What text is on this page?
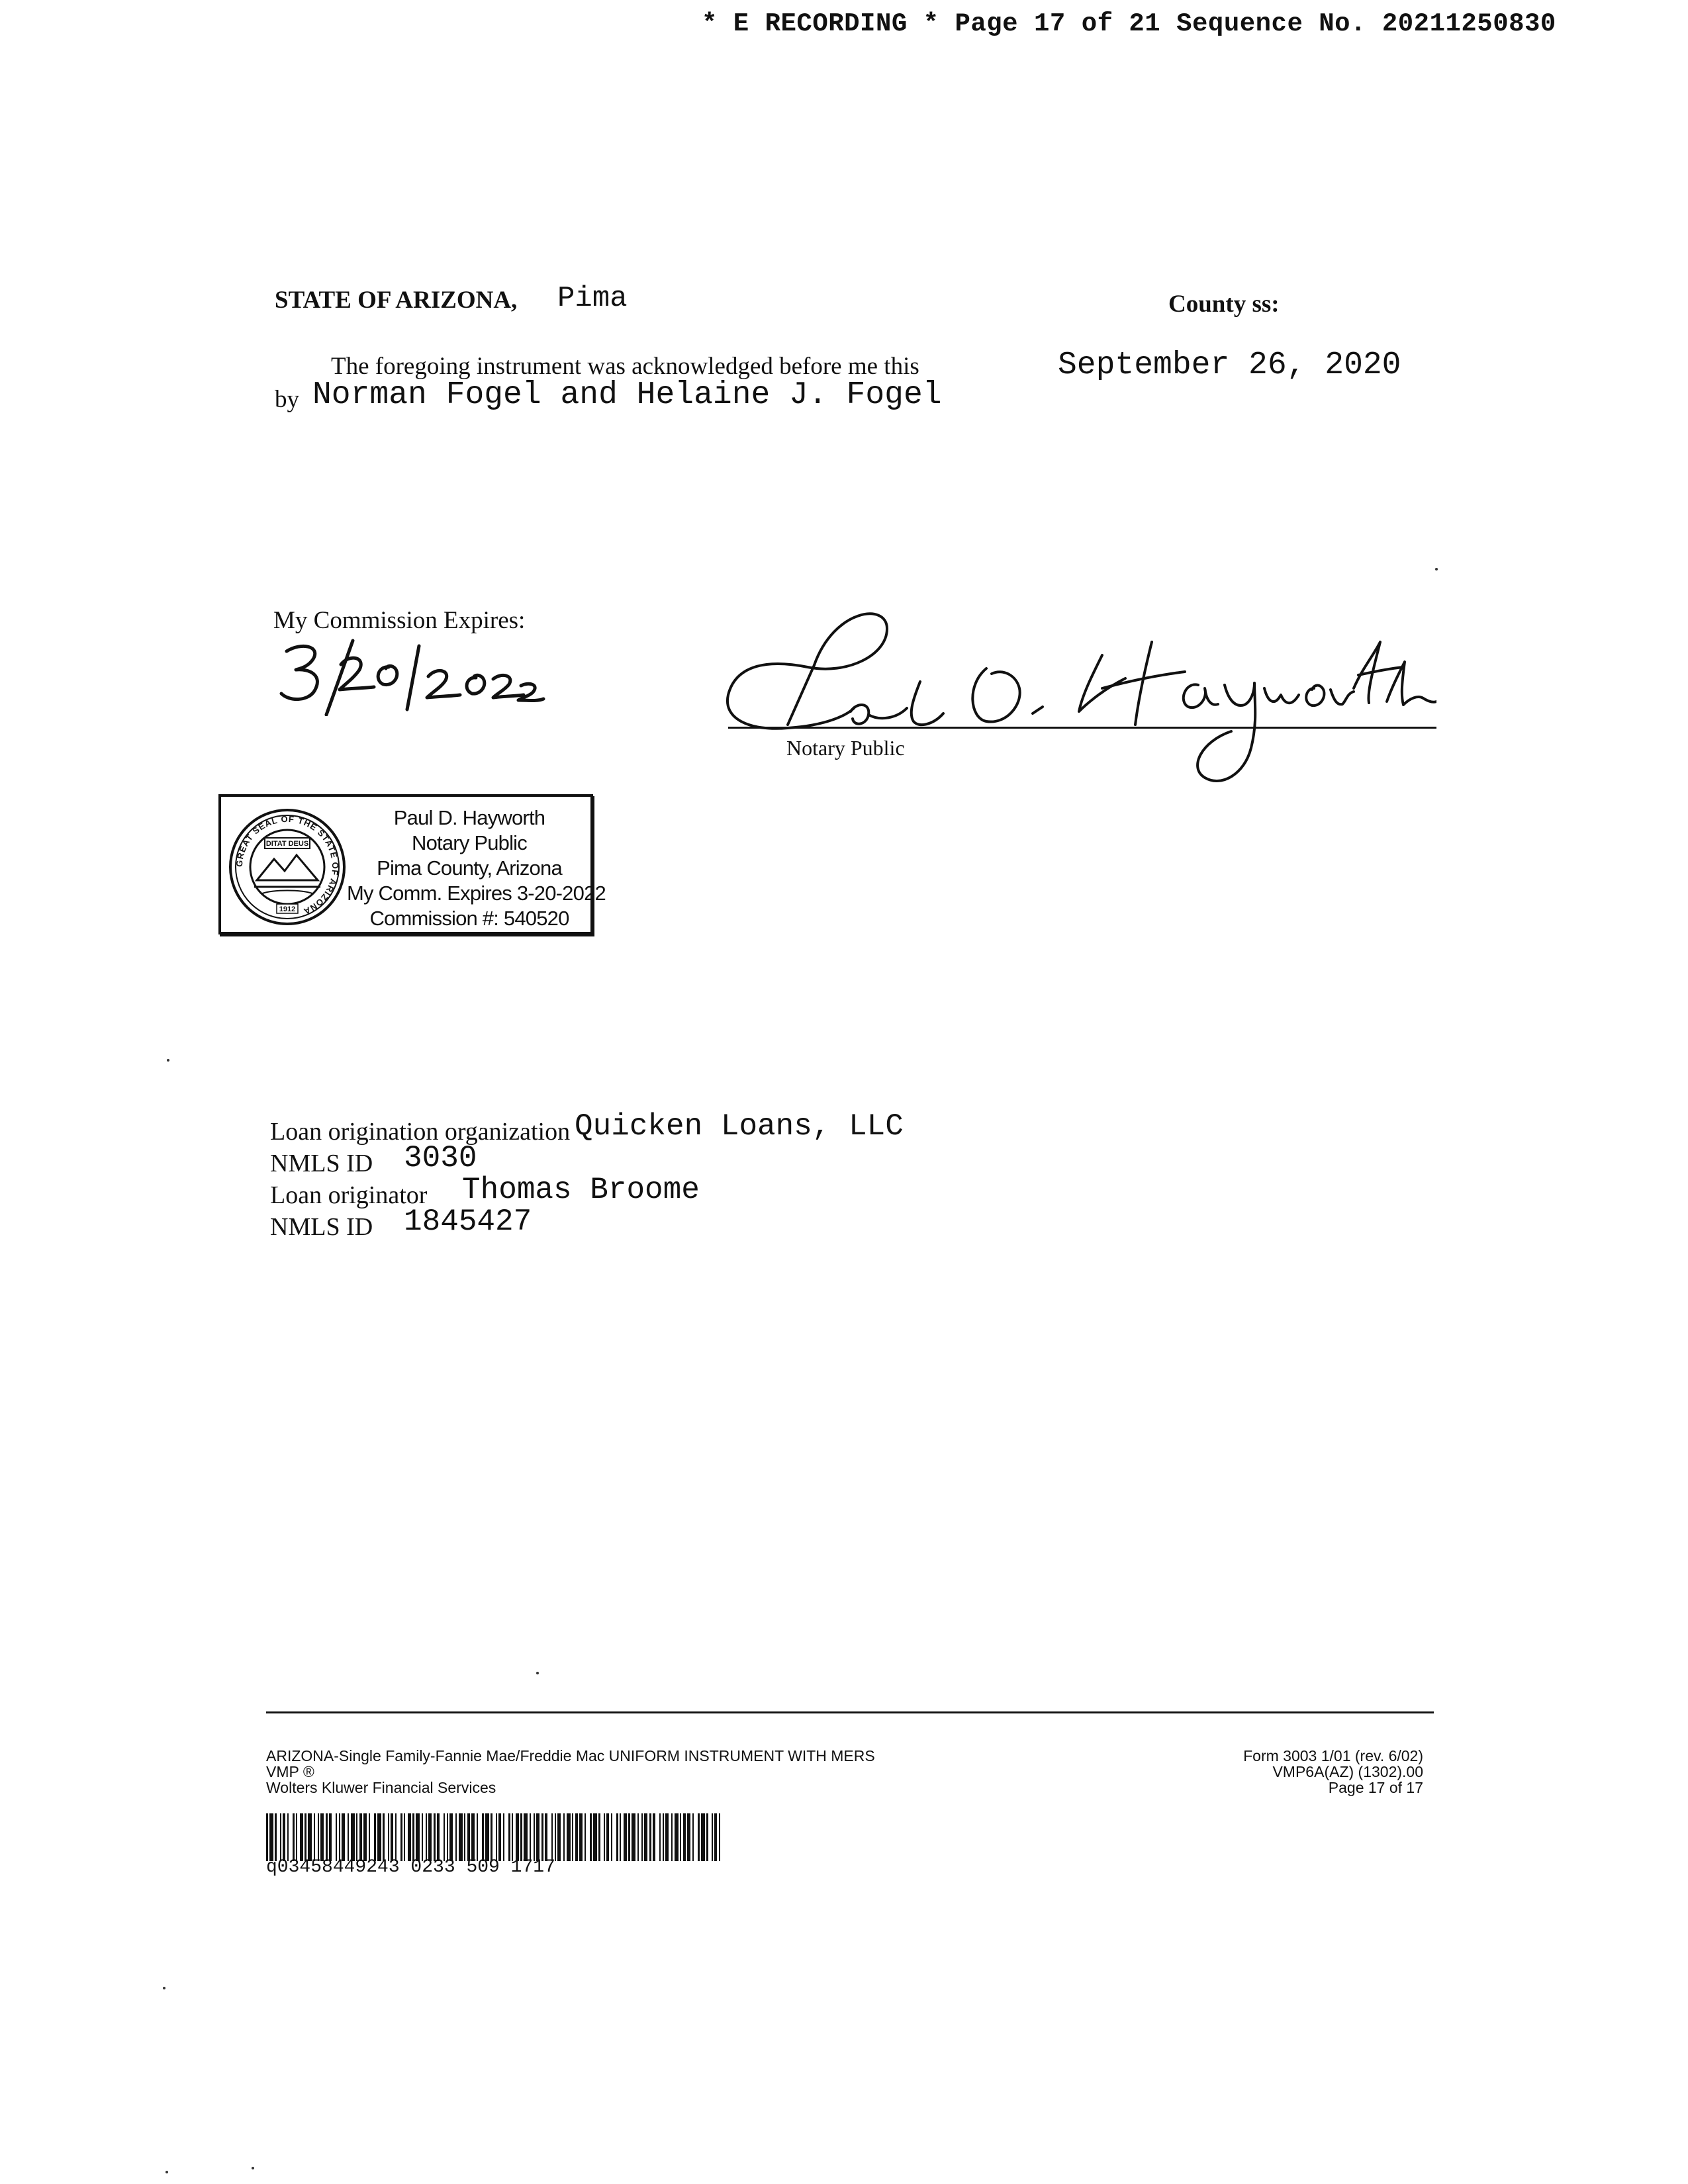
* E RECORDING * Page 17 of 21 Sequence No. 20211250830
STATE OF ARIZONA, Pima	County ss:
The foregoing instrument was acknowledged before me this	September 26, 2020
by Norman Fogel and Helaine J. Fogel
My Commission Expires:
Notary Public
GREAT SEAL OF THE STATE OF ARIZONA
DITAT DEUS
1912
Paul D. Hayworth
Notary Public
Pima County, Arizona
My Comm. Expires 3-20-2022
Commission #: 540520
Loan origination organization Quicken Loans, LLC
NMLS ID 3030
Loan originator Thomas Broome
NMLS ID 1845427
ARIZONA-Single Family-Fannie Mae/Freddie Mac UNIFORM INSTRUMENT WITH MERS
VMP ®
Wolters Kluwer Financial Services
Form 3003 1/01 (rev. 6/02)
VMP6A(AZ) (1302).00
Page 17 of 17
q03458449243 0233 509 1717
